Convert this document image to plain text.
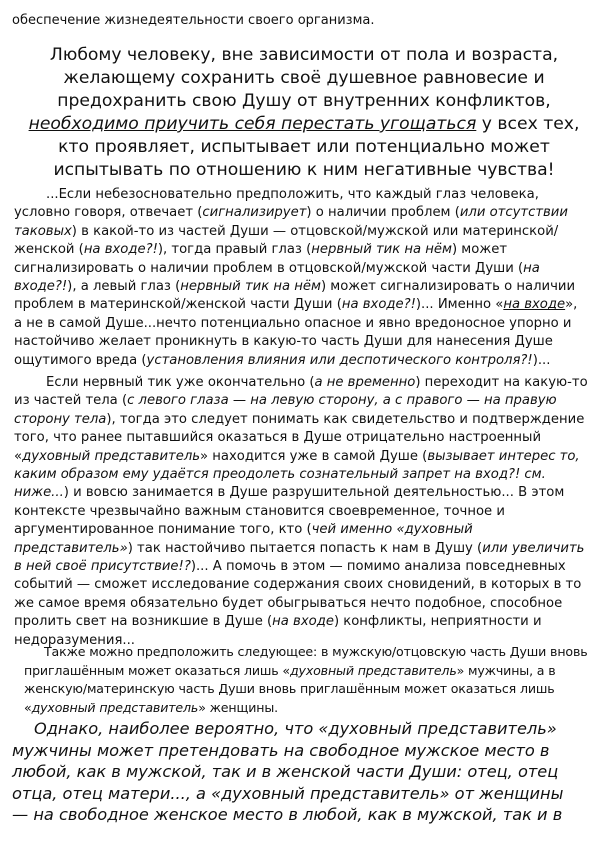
обеспечение жизнедеятельности своего организма.

Любому человеку, вне зависимости от пола и возраста, желающему сохранить своё душевное равновесие и предохранить свою Душу от внутренних конфликтов, необходимо приучить себя перестать угощаться у всех тех, кто проявляет, испытывает или потенциально может испытывать по отношению к ним негативные чувства!

...Если небезосновательно предположить, что каждый глаз человека, условно говоря, отвечает (сигнализирует) о наличии проблем (или отсутствии таковых) в какой-то из частей Души — отцовской/мужской или материнской/женской (на входе?!), тогда правый глаз (нервный тик на нём) может сигнализировать о наличии проблем в отцовской/мужской части Души (на входе?!), а левый глаз (нервный тик на нём) может сигнализировать о наличии проблем в материнской/женской части Души (на входе?!)... Именно «на входе», а не в самой Душе...нечто потенциально опасное и явно вредоносное упорно и настойчиво желает проникнуть в какую-то часть Души для нанесения Душе ощутимого вреда (установления влияния или деспотического контроля?!)...

Если нервный тик уже окончательно (а не временно) переходит на какую-то из частей тела (с левого глаза — на левую сторону, а с правого — на правую сторону тела), тогда это следует понимать как свидетельство и подтверждение того, что ранее пытавшийся оказаться в Душе отрицательно настроенный «духовный представитель» находится уже в самой Душе (вызывает интерес то, каким образом ему удаётся преодолеть сознательный запрет на вход?! см. ниже...) и вовсю занимается в Душе разрушительной деятельностью... В этом контексте чрезвычайно важным становится своевременное, точное и аргументированное понимание того, кто (чей именно «духовный представитель») так настойчиво пытается попасть к нам в Душу (или увеличить в ней своё присутствие!?)... А помочь в этом — помимо анализа повседневных событий — сможет исследование содержания своих сновидений, в которых в то же самое время обязательно будет обыгрываться нечто подобное, способное пролить свет на возникшие в Душе (на входе) конфликты, неприятности и недоразумения...

Также можно предположить следующее: в мужскую/отцовскую часть Души вновь приглашённым может оказаться лишь «духовный представитель» мужчины, а в женскую/материнскую часть Души вновь приглашённым может оказаться лишь «духовный представитель» женщины.

Однако, наиболее вероятно, что «духовный представитель» мужчины может претендовать на свободное мужское место в любой, как в мужской, так и в женской части Души: отец, отец отца, отец матери..., а «духовный представитель» от женщины — на свободное женское место в любой, как в мужской, так и в
